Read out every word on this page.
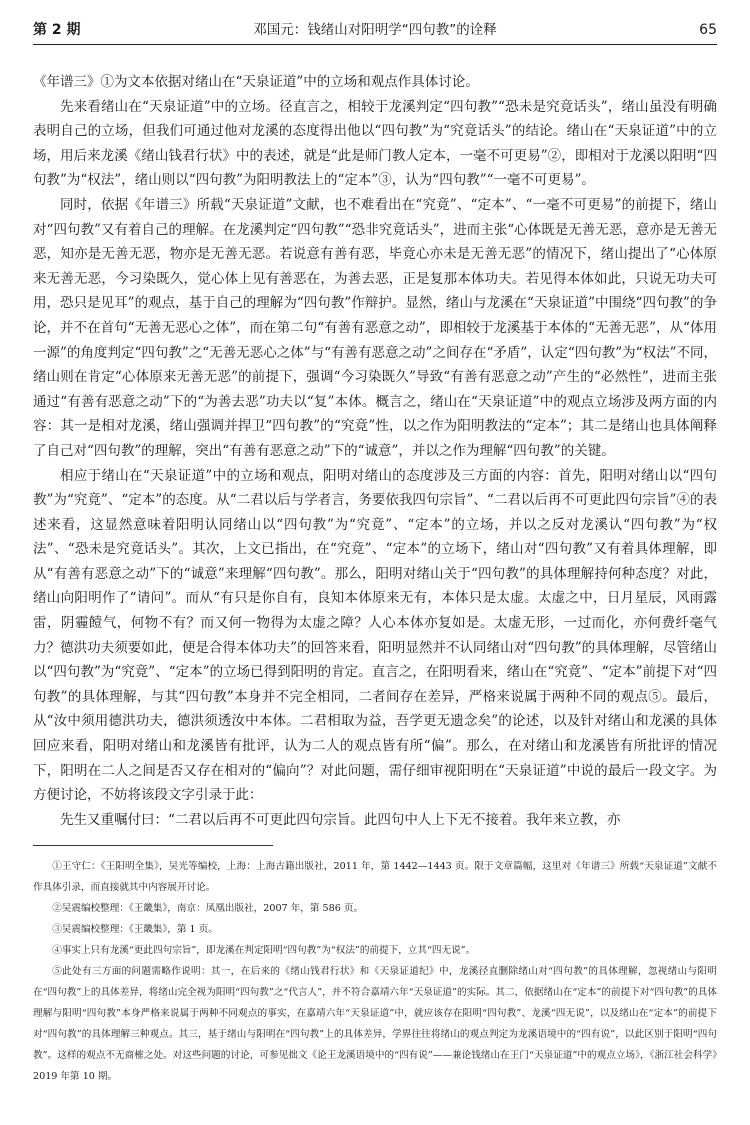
第 2 期	邓国元：钱绪山对阳明学“四句教”的诠释	65

《年谱三》①为文本依据对绪山在“天泉证道”中的立场和观点作具体讨论。

先来看绪山在“天泉证道”中的立场。径直言之，相较于龙溪判定“四句教”“恐未是究竟话头”，绪山虽没有明确表明自己的立场，但我们可通过他对龙溪的态度得出他以“四句教”为“究竟话头”的结论。绪山在“天泉证道”中的立场，用后来龙溪《绪山钱君行状》中的表述，就是“此是师门教人定本，一毫不可更易”②，即相对于龙溪以阳明“四句教”为“权法”，绪山则以“四句教”为阳明教法上的“定本”③，认为“四句教”“一毫不可更易”。

同时，依据《年谱三》所载“天泉证道”文献，也不难看出在“究竟”、“定本”、“一毫不可更易”的前提下，绪山对“四句教”又有着自己的理解。在龙溪判定“四句教”“恐非究竟话头”，进而主张“心体既是无善无恶，意亦是无善无恶，知亦是无善无恶，物亦是无善无恶。若说意有善有恶，毕竟心亦未是无善无恶”的情况下，绪山提出了“心体原来无善无恶，今习染既久，觉心体上见有善恶在，为善去恶，正是复那本体功夫。若见得本体如此，只说无功夫可用，恐只是见耳”的观点，基于自己的理解为“四句教”作辩护。显然，绪山与龙溪在“天泉证道”中围绕“四句教”的争论，并不在首句“无善无恶心之体”，而在第二句“有善有恶意之动”，即相较于龙溪基于本体的“无善无恶”，从“体用一源”的角度判定“四句教”之“无善无恶心之体”与“有善有恶意之动”之间存在“矛盾”，认定“四句教”为“权法”不同，绪山则在肯定“心体原来无善无恶”的前提下，强调“今习染既久”导致“有善有恶意之动”产生的“必然性”，进而主张通过“有善有恶意之动”下的“为善去恶”功夫以“复”本体。概言之，绪山在“天泉证道”中的观点立场涉及两方面的内容：其一是相对龙溪，绪山强调并捍卫“四句教”的“究竟”性，以之作为阳明教法的“定本”；其二是绪山也具体阐释了自己对“四句教”的理解，突出“有善有恶意之动”下的“诚意”，并以之作为理解“四句教”的关键。

相应于绪山在“天泉证道”中的立场和观点，阳明对绪山的态度涉及三方面的内容：首先，阳明对绪山以“四句教”为“究竟”、“定本”的态度。从“二君以后与学者言，务要依我四句宗旨”、“二君以后再不可更此四句宗旨”④的表述来看，这显然意味着阳明认同绪山以“四句教”为“究竟”、“定本”的立场，并以之反对龙溪认“四句教”为“权法”、“恐未是究竟话头”。其次，上文已指出，在“究竟”、“定本”的立场下，绪山对“四句教”又有着具体理解，即从“有善有恶意之动”下的“诚意”来理解“四句教”。那么，阳明对绪山关于“四句教”的具体理解持何种态度？对此，绪山向阳明作了“请问”。而从“有只是你自有，良知本体原来无有，本体只是太虚。太虚之中，日月星辰，风雨露雷，阴霾饐气，何物不有？而又何一物得为太虚之障？人心本体亦复如是。太虚无形，一过而化，亦何费纤毫气力？德洪功夫须要如此，便是合得本体功夫”的回答来看，阳明显然并不认同绪山对“四句教”的具体理解，尽管绪山以“四句教”为“究竟”、“定本”的立场已得到阳明的肯定。直言之，在阳明看来，绪山在“究竟”、“定本”前提下对“四句教”的具体理解，与其“四句教”本身并不完全相同，二者间存在差异，严格来说属于两种不同的观点⑤。最后，从“汝中须用德洪功夫，德洪须透汝中本体。二君相取为益，吾学更无遗念矣”的论述，以及针对绪山和龙溪的具体回应来看，阳明对绪山和龙溪皆有批评，认为二人的观点皆有所“偏”。那么，在对绪山和龙溪皆有所批评的情况下，阳明在二人之间是否又存在相对的“偏向”？对此问题，需仔细审视阳明在“天泉证道”中说的最后一段文字。为方便讨论，不妨将该段文字引录于此：

先生又重嘱付曰：“二君以后再不可更此四句宗旨。此四句中人上下无不接着。我年来立教，亦

①王守仁：《王阳明全集》，吴光等编校，上海：上海古籍出版社，2011 年，第 1442—1443 页。限于文章篇幅，这里对《年谱三》所载“天泉证道”文献不作具体引录，而直接就其中内容展开讨论。

②吴震编校整理：《王畿集》，南京：凤凰出版社，2007 年，第 586 页。

③吴震编校整理：《王畿集》，第 1 页。

④事实上只有龙溪“更此四句宗旨”，即龙溪在判定阳明“四句教”为“权法”的前提下，立其“四无说”。

⑤此处有三方面的问题需略作说明：其一，在后来的《绪山钱君行状》和《天泉证道纪》中，龙溪径直删除绪山对“四句教”的具体理解，忽视绪山与阳明在“四句教”上的具体差异，将绪山完全视为阳明“四句教”之“代言人”，并不符合嘉靖六年“天泉证道”的实际。其二，依据绪山在“定本”的前提下对“四句教”的具体理解与阳明“四句教”本身严格来说属于两种不同观点的事实，在嘉靖六年“天泉证道”中，就应该存在阳明“四句教”、龙溪“四无说”，以及绪山在“定本”的前提下对“四句教”的具体理解三种观点。其三，基于绪山与阳明在“四句教”上的具体差异，学界往往将绪山的观点判定为龙溪语境中的“四有说”，以此区别于阳明“四句教”。这样的观点不无商榷之处。对这些问题的讨论，可参见拙文《论王龙溪语境中的“四有说”——兼论钱绪山在王门“天泉证道”中的观点立场》，《浙江社会科学》2019 年第 10 期。
